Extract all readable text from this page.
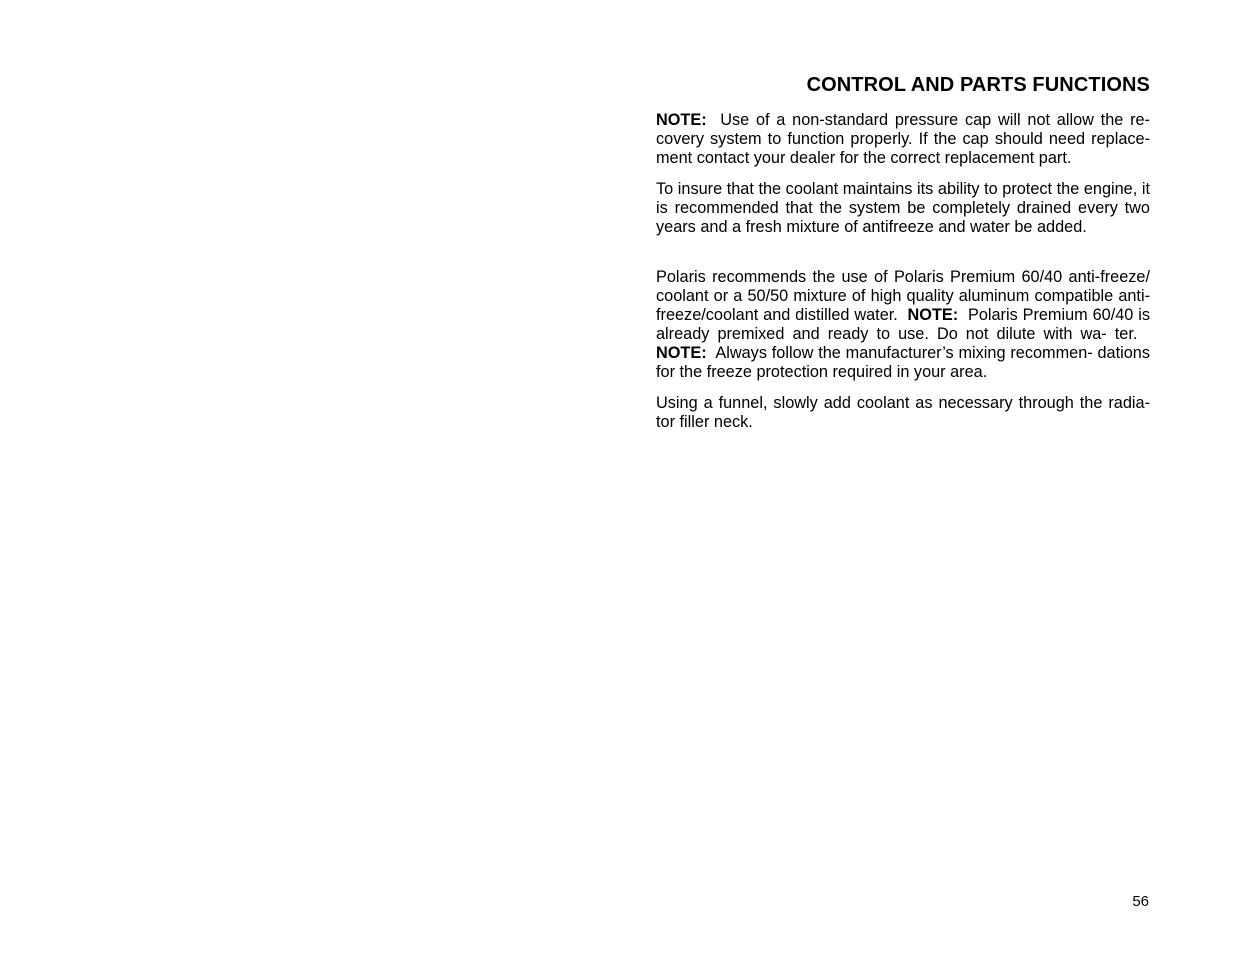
CONTROL AND PARTS FUNCTIONS

NOTE: Use of a non-standard pressure cap will not allow the re- covery system to function properly. If the cap should need replace- ment contact your dealer for the correct replacement part.

To insure that the coolant maintains its ability to protect the engine, it is recommended that the system be completely drained every two years and a fresh mixture of antifreeze and water be added.

Polaris recommends the use of Polaris Premium 60/40 anti-freeze/ coolant or a 50/50 mixture of high quality aluminum compatible anti-freeze/coolant and distilled water. NOTE: Polaris Premium 60/40 is already premixed and ready to use. Do not dilute with wa- ter.   NOTE: Always follow the manufacturer’s mixing recommen- dations for the freeze protection required in your area.

Using a funnel, slowly add coolant as necessary through the radia- tor filler neck.

56
